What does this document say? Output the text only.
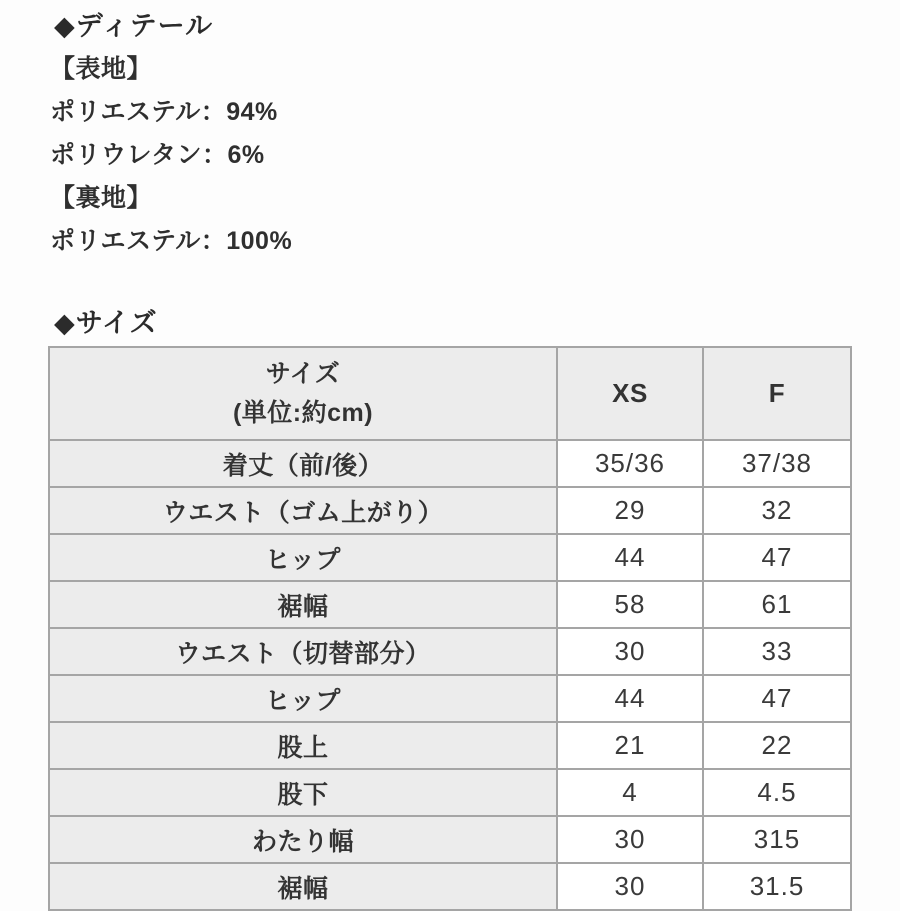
◆ディテール
【表地】
ポリエステル：94%
ポリウレタン：6%
【裏地】
ポリエステル：100%
◆サイズ
サイズ
(単位:約cm)	XS	F
着丈（前/後）	35/36	37/38
ウエスト（ゴム上がり）	29	32
ヒップ	44	47
裾幅	58	61
ウエスト（切替部分）	30	33
ヒップ	44	47
股上	21	22
股下	4	4.5
わたり幅	30	315
裾幅	30	31.5
